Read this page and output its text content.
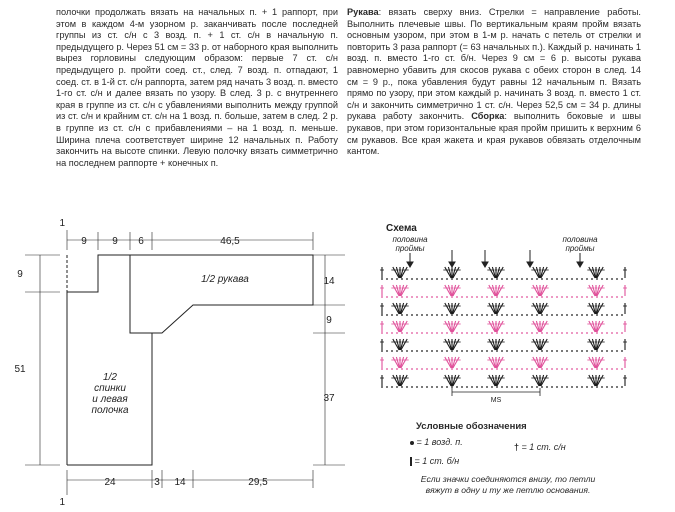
полочки продолжать вязать на начальных п. + 1 раппорт, при этом в каждом 4-м узорном р. заканчивать после последней группы из ст. с/н с 3 возд. п. + 1 ст. с/н в начальную п. предыдущего р. Через 51 см = 33 р. от наборного края выполнить вырез горловины следующим образом: первые 7 ст. с/н предыдущего р. пройти соед. ст., след. 7 возд. п. отпадают, 1 соед. ст. в 1-й ст. с/н раппорта, затем ряд начать 3 возд. п. вместо 1-го ст. с/н и далее вязать по узору. В след. 3 р. с внутреннего края в группе из ст. с/н с убавлениями выполнить между группой из ст. с/н и крайним ст. с/н на 1 возд. п. больше, затем в след. 2 р. в группе из ст. с/н с прибавлениями – на 1 возд. п. меньше. Ширина плеча соответствует ширине 12 начальных п. Работу закончить на высоте спинки. Левую полочку вязать симметрично на последнем раппорте + конечных п.
Рукава: вязать сверху вниз. Стрелки = направление работы. Выполнить плечевые швы. По вертикальным краям пройм вязать основным узором, при этом в 1-м р. начать с петель от стрелки и повторить 3 раза раппорт (= 63 начальных п.). Каждый р. начинать 1 возд. п. вместо 1-го ст. б/н. Через 9 см = 6 р. высоты рукава равномерно убавить для скосов рукава с обеих сторон в след. 14 см = 9 р., пока убавления будут равны 12 начальным п. Вязать прямо по узору, при этом каждый р. начинать 3 возд. п. вместо 1 ст. с/н и закончить симметрично 1 ст. с/н. Через 52,5 см = 34 р. длины рукава работу закончить. Сборка: выполнить боковые и швы рукавов, при этом горизонтальные края пройм пришить к верхним 6 см рукавов. Все края жакета и края рукавов обвязать отделочным кантом.
1
9	9 6	46,5
24	3 14	29,5
1
9
51
14
9
37
1/2 рукава
1/2
спинки
и левая
полочка
Схема
половина
проймы
половина
проймы
MS
Условные обозначения
= 1 возд. п.
= 1 ст. б/н
† = 1 ст. с/н
Если значки соединяются внизу, то петли
вяжут в одну и ту же петлю основания.
